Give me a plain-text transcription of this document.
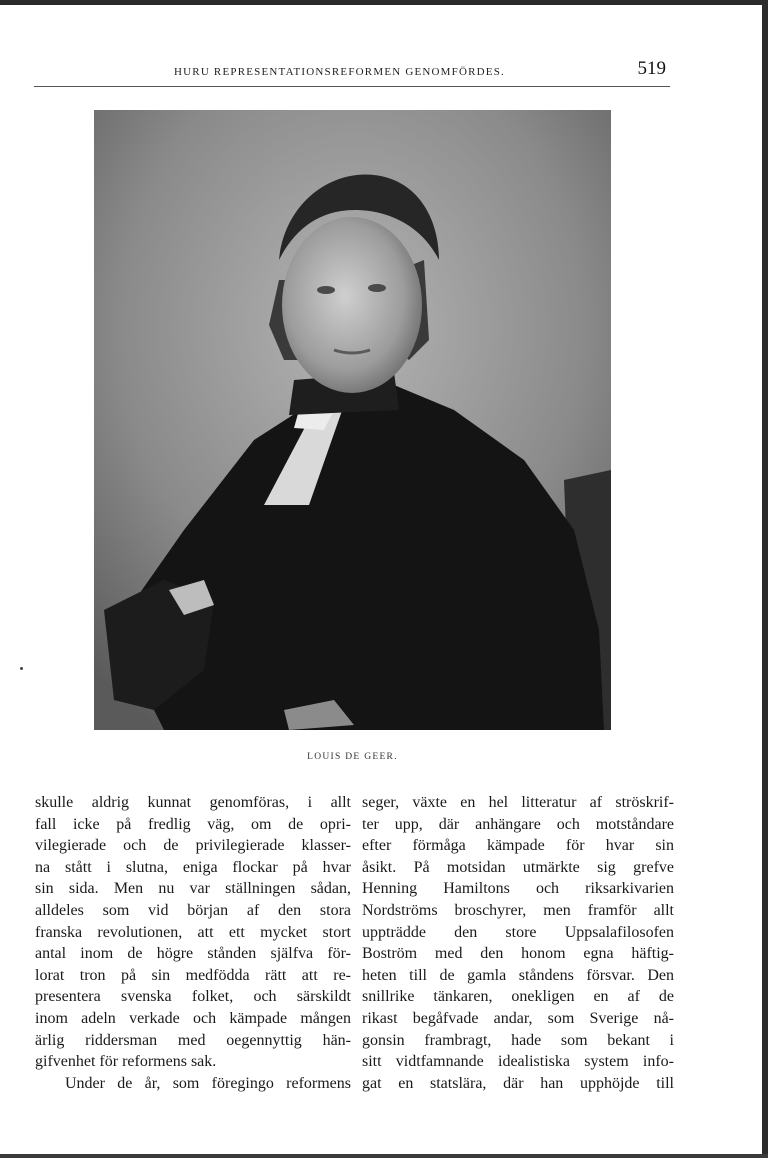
HURU REPRESENTATIONSREFORMEN GENOMFÖRDES.	519
LOUIS DE GEER.
skulle aldrig kunnat genomföras, i allt
fall icke på fredlig väg, om de opri-
vilegierade och de privilegierade klasser-
na stått i slutna, eniga flockar på hvar
sin sida. Men nu var ställningen sådan,
alldeles som vid början af den stora
franska revolutionen, att ett mycket stort
antal inom de högre stånden själfva för-
lorat tron på sin medfödda rätt att re-
presentera svenska folket, och särskildt
inom adeln verkade och kämpade mången
ärlig riddersman med oegennyttig hän-
gifvenhet för reformens sak.
Under de år, som föregingo reformens
seger, växte en hel litteratur af ströskrif-
ter upp, där anhängare och motståndare
efter förmåga kämpade för hvar sin
åsikt. På motsidan utmärkte sig grefve
Henning Hamiltons och riksarkivarien
Nordströms broschyrer, men framför allt
uppträdde den store Uppsalafilosofen
Boström med den honom egna häftig-
heten till de gamla ståndens försvar. Den
snillrike tänkaren, onekligen en af de
rikast begåfvade andar, som Sverige nå-
gonsin frambragt, hade som bekant i
sitt vidtfamnande idealistiska system info-
gat en statslära, där han upphöjde till
